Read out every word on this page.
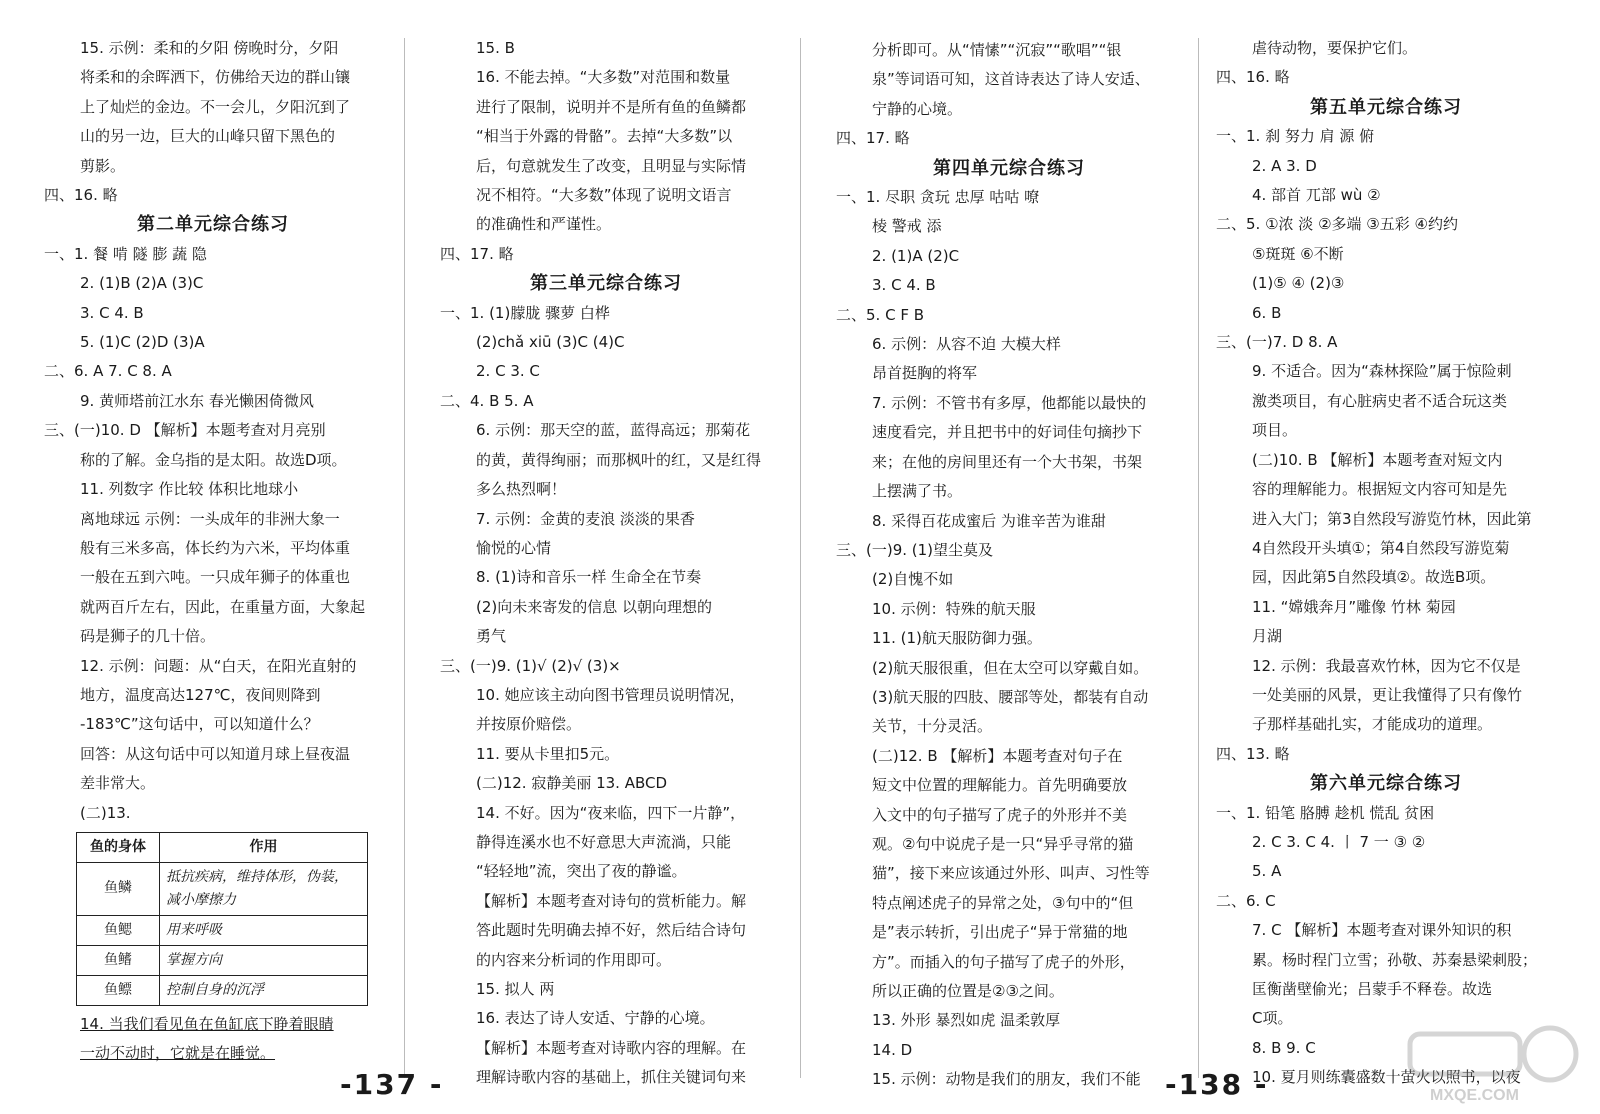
15. 示例：柔和的夕阳 傍晚时分，夕阳
将柔和的余晖洒下，仿佛给天边的群山镶
上了灿烂的金边。不一会儿，夕阳沉到了
山的另一边，巨大的山峰只留下黑色的
剪影。
四、16. 略
第二单元综合练习
一、1. 餐 啃 隧 膨 蔬 隐
2. (1)B (2)A (3)C
3. C 4. B
5. (1)C (2)D (3)A
二、6. A 7. C 8. A
9. 黄师塔前江水东 春光懒困倚微风
三、(一)10. D 【解析】本题考查对月亮别
称的了解。金乌指的是太阳。故选D项。
11. 列数字 作比较 体积比地球小
离地球远 示例：一头成年的非洲大象一
般有三米多高，体长约为六米，平均体重
一般在五到六吨。一只成年狮子的体重也
就两百斤左右，因此，在重量方面，大象起
码是狮子的几十倍。
12. 示例：问题：从“白天，在阳光直射的
地方，温度高达127℃，夜间则降到
-183℃”这句话中，可以知道什么？
回答：从这句话中可以知道月球上昼夜温
差非常大。
(二)13.
鱼的身体	作用
鱼鳞	抵抗疾病，维持体形，伪装，减小摩擦力
鱼鳃	用来呼吸
鱼鳍	掌握方向
鱼鳔	控制自身的沉浮
14. 当我们看见鱼在鱼缸底下睁着眼睛
一动不动时，它就是在睡觉。
15. B
16. 不能去掉。“大多数”对范围和数量
进行了限制，说明并不是所有鱼的鱼鳞都
“相当于外露的骨骼”。去掉“大多数”以
后，句意就发生了改变，且明显与实际情
况不相符。“大多数”体现了说明文语言
的准确性和严谨性。
四、17. 略
第三单元综合练习
一、1. (1)朦胧 骤萝 白桦
(2)chǎ xiū (3)C (4)C
2. C 3. C
二、4. B 5. A
6. 示例：那天空的蓝，蓝得高远；那菊花
的黄，黄得绚丽；而那枫叶的红，又是红得
多么热烈啊！
7. 示例：金黄的麦浪 淡淡的果香
愉悦的心情
8. (1)诗和音乐一样 生命全在节奏
(2)向未来寄发的信息 以朝向理想的
勇气
三、(一)9. (1)√ (2)√ (3)×
10. 她应该主动向图书管理员说明情况，
并按原价赔偿。
11. 要从卡里扣5元。
(二)12. 寂静美丽 13. ABCD
14. 不好。因为“夜来临，四下一片静”，
静得连溪水也不好意思大声流淌，只能
“轻轻地”流，突出了夜的静谧。
【解析】本题考查对诗句的赏析能力。解
答此题时先明确去掉不好，然后结合诗句
的内容来分析词的作用即可。
15. 拟人 两
16. 表达了诗人安适、宁静的心境。
【解析】本题考查对诗歌内容的理解。在
理解诗歌内容的基础上，抓住关键词句来
分析即可。从“情愫”“沉寂”“歌唱”“银
泉”等词语可知，这首诗表达了诗人安适、
宁静的心境。
四、17. 略
第四单元综合练习
一、1. 尽职 贪玩 忠厚 咕咕 嘹
棱 警戒 添
2. (1)A (2)C
3. C 4. B
二、5. C F B
6. 示例：从容不迫 大模大样
昂首挺胸的将军
7. 示例：不管书有多厚，他都能以最快的
速度看完，并且把书中的好词佳句摘抄下
来；在他的房间里还有一个大书架，书架
上摆满了书。
8. 采得百花成蜜后 为谁辛苦为谁甜
三、(一)9. (1)望尘莫及
(2)自愧不如
10. 示例：特殊的航天服
11. (1)航天服防御力强。
(2)航天服很重，但在太空可以穿戴自如。
(3)航天服的四肢、腰部等处，都装有自动
关节，十分灵活。
(二)12. B 【解析】本题考查对句子在
短文中位置的理解能力。首先明确要放
入文中的句子描写了虎子的外形并不美
观。②句中说虎子是一只“异乎寻常的猫
猫”，接下来应该通过外形、叫声、习性等
特点阐述虎子的异常之处，③句中的“但
是”表示转折，引出虎子“异于常猫的地
方”。而插入的句子描写了虎子的外形，
所以正确的位置是②③之间。
13. 外形 暴烈如虎 温柔敦厚
14. D
15. 示例：动物是我们的朋友，我们不能
虐待动物，要保护它们。
四、16. 略
第五单元综合练习
一、1. 刹 努力 肩 源 俯
2. A 3. D
4. 部首 兀部 wù ②
二、5. ①浓 淡 ②多端 ③五彩 ④约约
⑤斑斑 ⑥不断
(1)⑤ ④ (2)③
6. B
三、(一)7. D 8. A
9. 不适合。因为“森林探险”属于惊险刺
激类项目，有心脏病史者不适合玩这类
项目。
(二)10. B 【解析】本题考查对短文内
容的理解能力。根据短文内容可知是先
进入大门；第3自然段写游览竹林，因此第
4自然段开头填①；第4自然段写游览菊
园，因此第5自然段填②。故选B项。
11. “嫦娥奔月”雕像 竹林 菊园
月湖
12. 示例：我最喜欢竹林，因为它不仅是
一处美丽的风景，更让我懂得了只有像竹
子那样基础扎实，才能成功的道理。
四、13. 略
第六单元综合练习
一、1. 铅笔 胳膊 趁机 慌乱 贫困
2. C 3. C 4. 丨 7 一 ③ ②
5. A
二、6. C
7. C 【解析】本题考查对课外知识的积
累。杨时程门立雪；孙敬、苏秦悬梁刺股；
匡衡凿壁偷光；吕蒙手不释卷。故选
C项。
8. B 9. C
10. 夏月则练囊盛数十萤火以照书，以夜
-137 -	-138 -	MXQE.COM
